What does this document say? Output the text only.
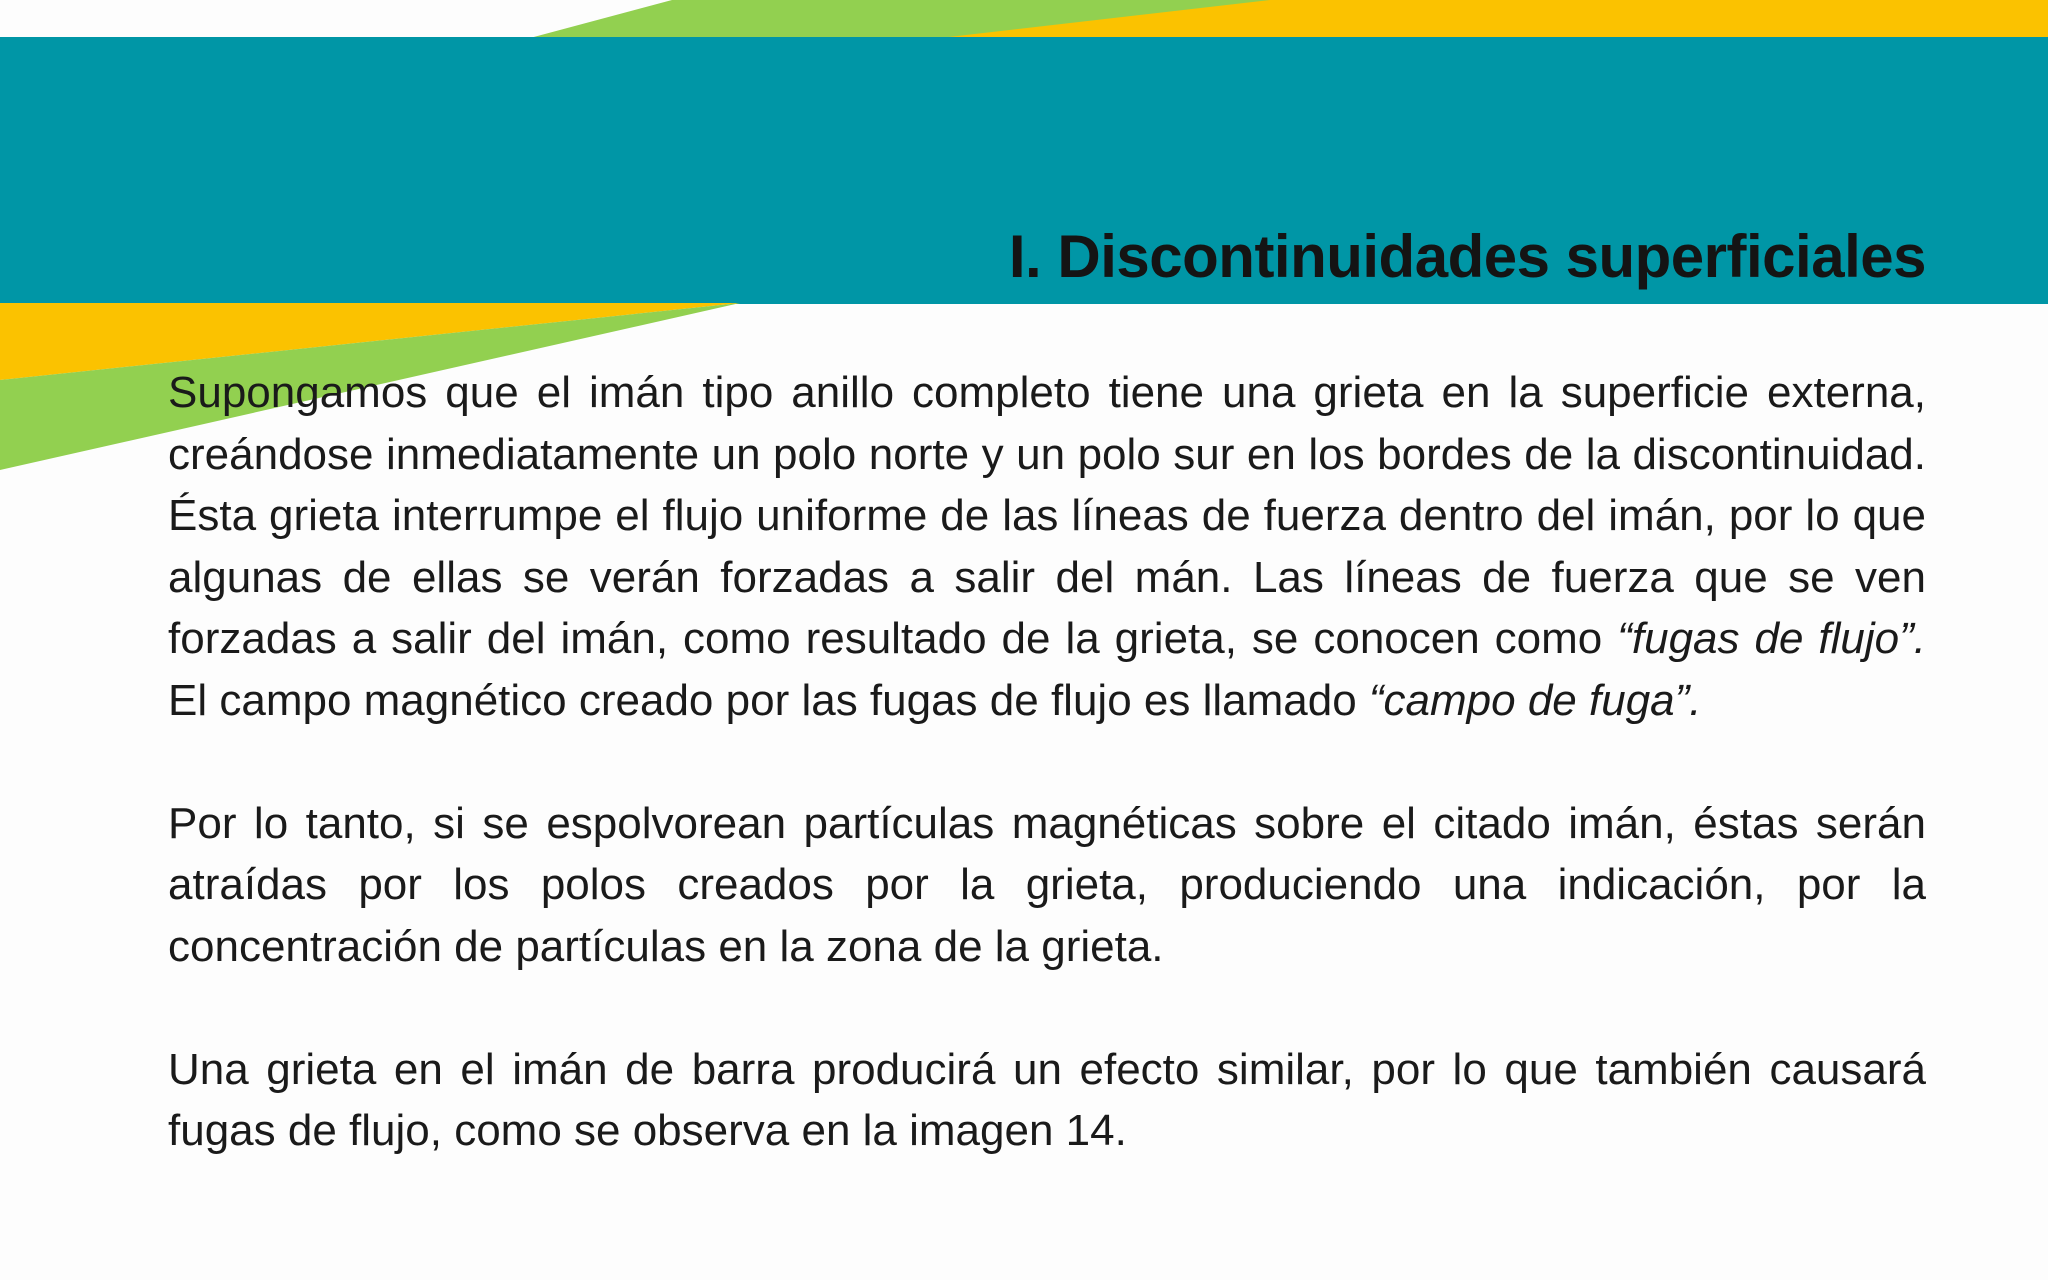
I. Discontinuidades superficiales

Supongamos que el imán tipo anillo completo tiene una grieta en la superficie externa, creándose inmediatamente un polo norte y un polo sur en los bordes de la discontinuidad. Ésta grieta interrumpe el flujo uniforme de las líneas de fuerza dentro del imán, por lo que algunas de ellas se verán forzadas a salir del mán. Las líneas de fuerza que se ven forzadas a salir del imán, como resultado de la grieta, se conocen como “fugas de flujo”. El campo magnético creado por las fugas de flujo es llamado “campo de fuga”.

Por lo tanto, si se espolvorean partículas magnéticas sobre el citado imán, éstas serán atraídas por los polos creados por la grieta, produciendo una indicación, por la concentración de partículas en la zona de la grieta.

Una grieta en el imán de barra producirá un efecto similar, por lo que también causará fugas de flujo, como se observa en la imagen 14.
